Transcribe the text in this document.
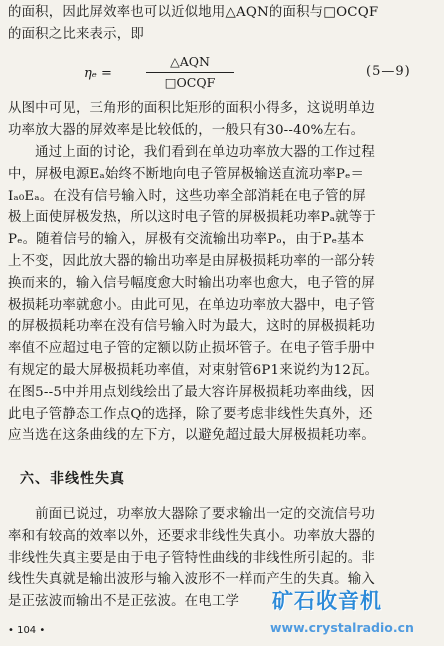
的面积，因此屏效率也可以近似地用△AQN的面积与□OCQF
的面积之比来表示，即
ηₑ =
△AQN
□OCQF
(5—9)
从图中可见，三角形的面积比矩形的面积小得多，这说明单边
功率放大器的屏效率是比较低的，一般只有30--40%左右。
　　通过上面的讨论，我们看到在单边功率放大器的工作过程
中，屏极电源Eₐ始终不断地向电子管屏极输送直流功率Pₑ＝
Iₐ₀Eₐ。在没有信号输入时，这些功率全部消耗在电子管的屏
极上面使屏极发热，所以这时电子管的屏极损耗功率Pₐ就等于
Pₑ。随着信号的输入，屏极有交流输出功率Pₒ，由于Pₑ基本
上不变，因此放大器的输出功率是由屏极损耗功率的一部分转
换而来的，输入信号幅度愈大时输出功率也愈大，电子管的屏
极损耗功率就愈小。由此可见，在单边功率放大器中，电子管
的屏极损耗功率在没有信号输入时为最大，这时的屏极损耗功
率值不应超过电子管的定额以防止损坏管子。在电子管手册中
有规定的最大屏极损耗功率值，对束射管6P1来说约为12瓦。
在图5--5中并用点划线绘出了最大容许屏极损耗功率曲线，因
此电子管静态工作点Q的选择，除了要考虑非线性失真外，还
应当选在这条曲线的左下方，以避免超过最大屏极损耗功率。
六、非线性失真
　　前面已说过，功率放大器除了要求输出一定的交流信号功
率和有较高的效率以外，还要求非线性失真小。功率放大器的
非线性失真主要是由于电子管特性曲线的非线性所引起的。非
线性失真就是输出波形与输入波形不一样而产生的失真。输入
是正弦波而输出不是正弦波。在电工学
• 104 •
矿石收音机
www.crystalradio.cn
